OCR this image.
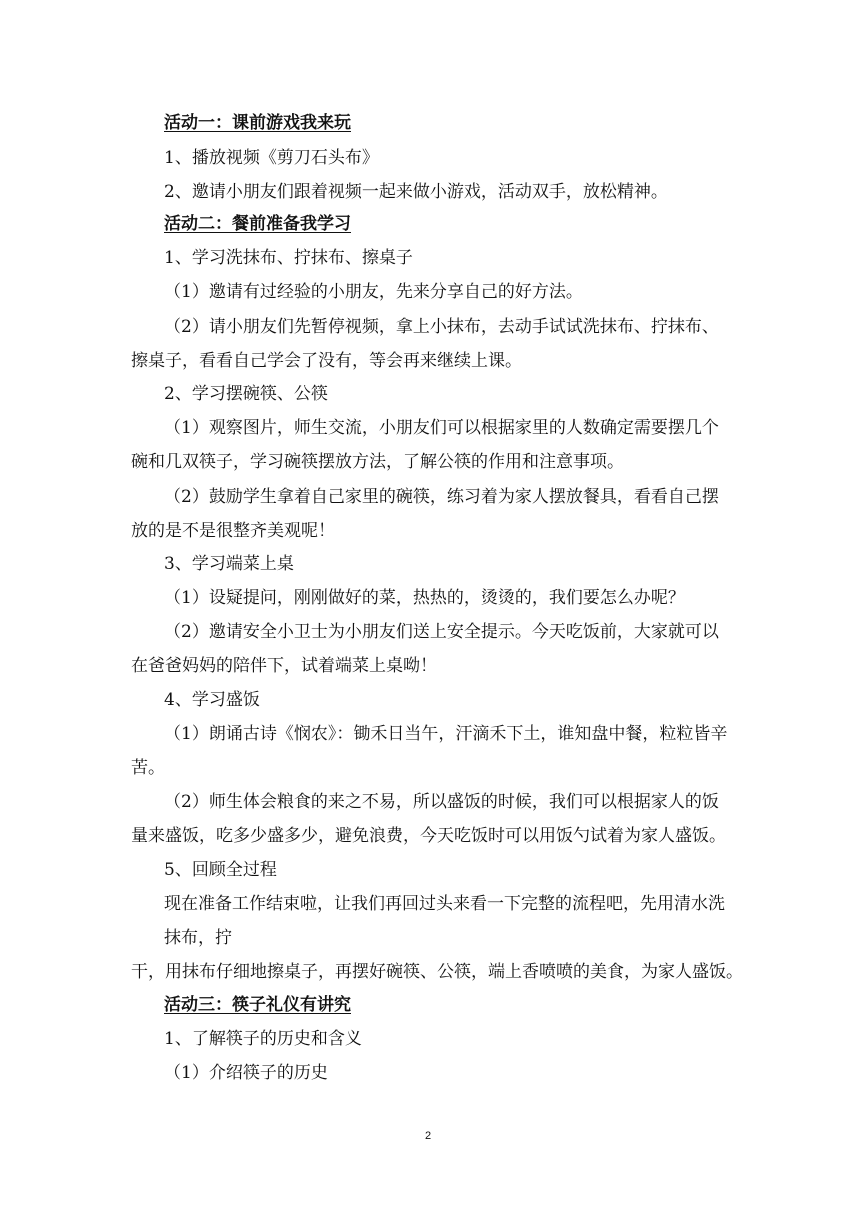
活动一：课前游戏我来玩
1、播放视频《剪刀石头布》
2、邀请小朋友们跟着视频一起来做小游戏，活动双手，放松精神。
活动二：餐前准备我学习
1、学习洗抹布、拧抹布、擦桌子
（1）邀请有过经验的小朋友，先来分享自己的好方法。
（2）请小朋友们先暂停视频，拿上小抹布，去动手试试洗抹布、拧抹布、
擦桌子，看看自己学会了没有，等会再来继续上课。
2、学习摆碗筷、公筷
（1）观察图片，师生交流，小朋友们可以根据家里的人数确定需要摆几个
碗和几双筷子，学习碗筷摆放方法，了解公筷的作用和注意事项。
（2）鼓励学生拿着自己家里的碗筷，练习着为家人摆放餐具，看看自己摆
放的是不是很整齐美观呢！
3、学习端菜上桌
（1）设疑提问，刚刚做好的菜，热热的，烫烫的，我们要怎么办呢？
（2）邀请安全小卫士为小朋友们送上安全提示。今天吃饭前，大家就可以
在爸爸妈妈的陪伴下，试着端菜上桌呦！
4、学习盛饭
（1）朗诵古诗《悯农》：锄禾日当午，汗滴禾下土，谁知盘中餐，粒粒皆辛
苦。
（2）师生体会粮食的来之不易，所以盛饭的时候，我们可以根据家人的饭
量来盛饭，吃多少盛多少，避免浪费，今天吃饭时可以用饭勺试着为家人盛饭。
5、回顾全过程
现在准备工作结束啦，让我们再回过头来看一下完整的流程吧，先用清水洗
抹布，拧
干，用抹布仔细地擦桌子，再摆好碗筷、公筷，端上香喷喷的美食，为家人盛饭。
活动三：筷子礼仪有讲究
1、了解筷子的历史和含义
（1）介绍筷子的历史
2
